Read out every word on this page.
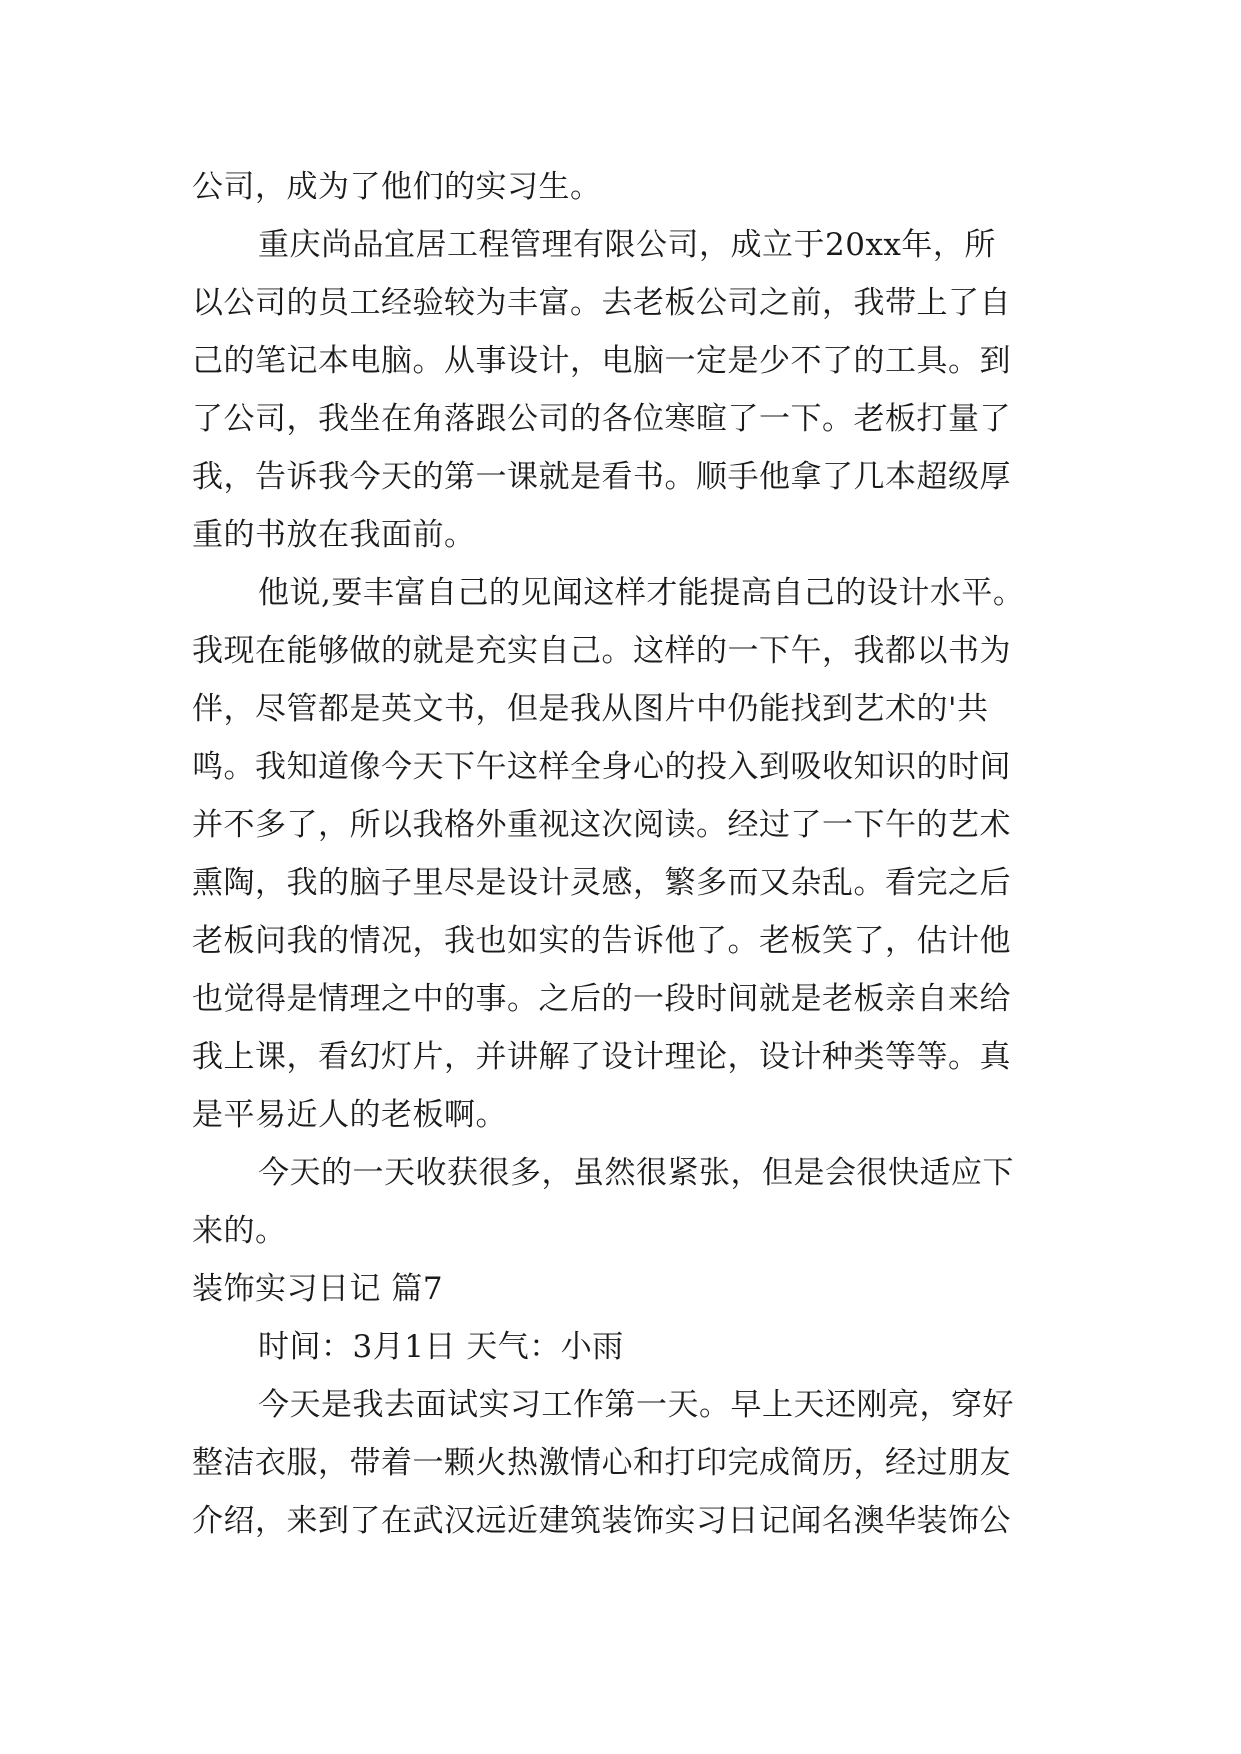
公司，成为了他们的实习生。
重庆尚品宜居工程管理有限公司，成立于20xx年，所
以公司的员工经验较为丰富。去老板公司之前，我带上了自
己的笔记本电脑。从事设计，电脑一定是少不了的工具。到
了公司，我坐在角落跟公司的各位寒暄了一下。老板打量了
我，告诉我今天的第一课就是看书。顺手他拿了几本超级厚
重的书放在我面前。
他说,要丰富自己的见闻这样才能提高自己的设计水平。
我现在能够做的就是充实自己。这样的一下午，我都以书为
伴，尽管都是英文书，但是我从图片中仍能找到艺术的'共
鸣。我知道像今天下午这样全身心的投入到吸收知识的时间
并不多了，所以我格外重视这次阅读。经过了一下午的艺术
熏陶，我的脑子里尽是设计灵感，繁多而又杂乱。看完之后
老板问我的情况，我也如实的告诉他了。老板笑了，估计他
也觉得是情理之中的事。之后的一段时间就是老板亲自来给
我上课，看幻灯片，并讲解了设计理论，设计种类等等。真
是平易近人的老板啊。
今天的一天收获很多，虽然很紧张，但是会很快适应下
来的。
装饰实习日记 篇7
时间：3月1日 天气：小雨
今天是我去面试实习工作第一天。早上天还刚亮，穿好
整洁衣服，带着一颗火热激情心和打印完成简历，经过朋友
介绍，来到了在武汉远近建筑装饰实习日记闻名澳华装饰公
